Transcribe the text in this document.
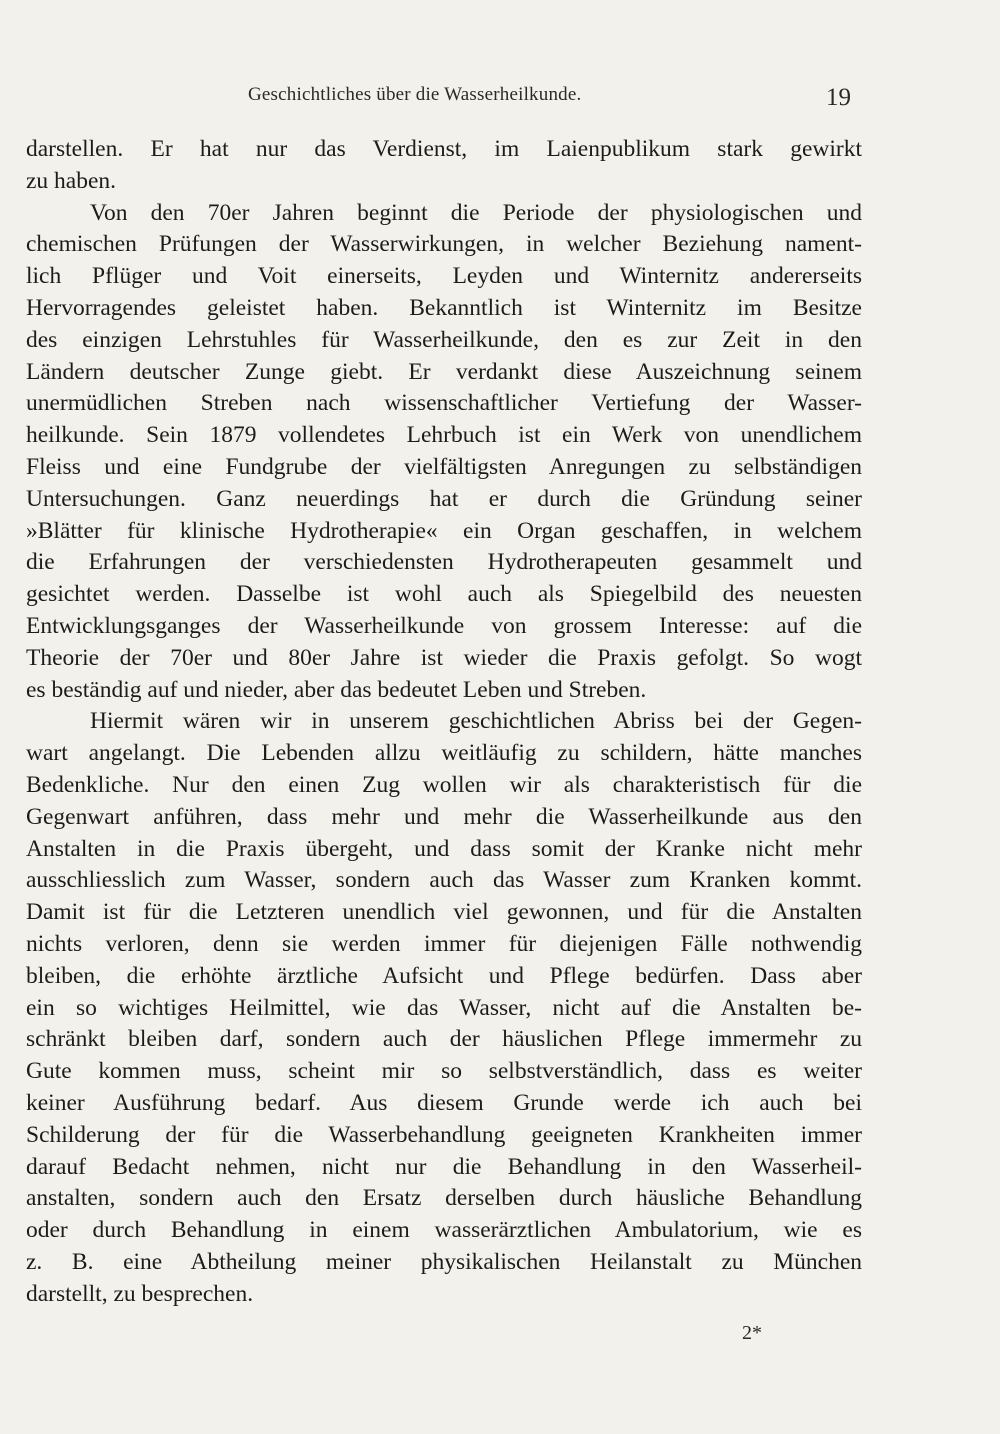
Geschichtliches über die Wasserheilkunde.	19
darstellen. Er hat nur das Verdienst, im Laienpublikum stark gewirkt
zu haben.
Von den 70er Jahren beginnt die Periode der physiologischen und
chemischen Prüfungen der Wasserwirkungen, in welcher Beziehung nament-
lich Pflüger und Voit einerseits, Leyden und Winternitz andererseits
Hervorragendes geleistet haben. Bekanntlich ist Winternitz im Besitze
des einzigen Lehrstuhles für Wasserheilkunde, den es zur Zeit in den
Ländern deutscher Zunge giebt. Er verdankt diese Auszeichnung seinem
unermüdlichen Streben nach wissenschaftlicher Vertiefung der Wasser-
heilkunde. Sein 1879 vollendetes Lehrbuch ist ein Werk von unendlichem
Fleiss und eine Fundgrube der vielfältigsten Anregungen zu selbständigen
Untersuchungen. Ganz neuerdings hat er durch die Gründung seiner
»Blätter für klinische Hydrotherapie« ein Organ geschaffen, in welchem
die Erfahrungen der verschiedensten Hydrotherapeuten gesammelt und
gesichtet werden. Dasselbe ist wohl auch als Spiegelbild des neuesten
Entwicklungsganges der Wasserheilkunde von grossem Interesse: auf die
Theorie der 70er und 80er Jahre ist wieder die Praxis gefolgt. So wogt
es beständig auf und nieder, aber das bedeutet Leben und Streben.
Hiermit wären wir in unserem geschichtlichen Abriss bei der Gegen-
wart angelangt. Die Lebenden allzu weitläufig zu schildern, hätte manches
Bedenkliche. Nur den einen Zug wollen wir als charakteristisch für die
Gegenwart anführen, dass mehr und mehr die Wasserheilkunde aus den
Anstalten in die Praxis übergeht, und dass somit der Kranke nicht mehr
ausschliesslich zum Wasser, sondern auch das Wasser zum Kranken kommt.
Damit ist für die Letzteren unendlich viel gewonnen, und für die Anstalten
nichts verloren, denn sie werden immer für diejenigen Fälle nothwendig
bleiben, die erhöhte ärztliche Aufsicht und Pflege bedürfen. Dass aber
ein so wichtiges Heilmittel, wie das Wasser, nicht auf die Anstalten be-
schränkt bleiben darf, sondern auch der häuslichen Pflege immermehr zu
Gute kommen muss, scheint mir so selbstverständlich, dass es weiter
keiner Ausführung bedarf. Aus diesem Grunde werde ich auch bei
Schilderung der für die Wasserbehandlung geeigneten Krankheiten immer
darauf Bedacht nehmen, nicht nur die Behandlung in den Wasserheil-
anstalten, sondern auch den Ersatz derselben durch häusliche Behandlung
oder durch Behandlung in einem wasserärztlichen Ambulatorium, wie es
z. B. eine Abtheilung meiner physikalischen Heilanstalt zu München
darstellt, zu besprechen.
2*
